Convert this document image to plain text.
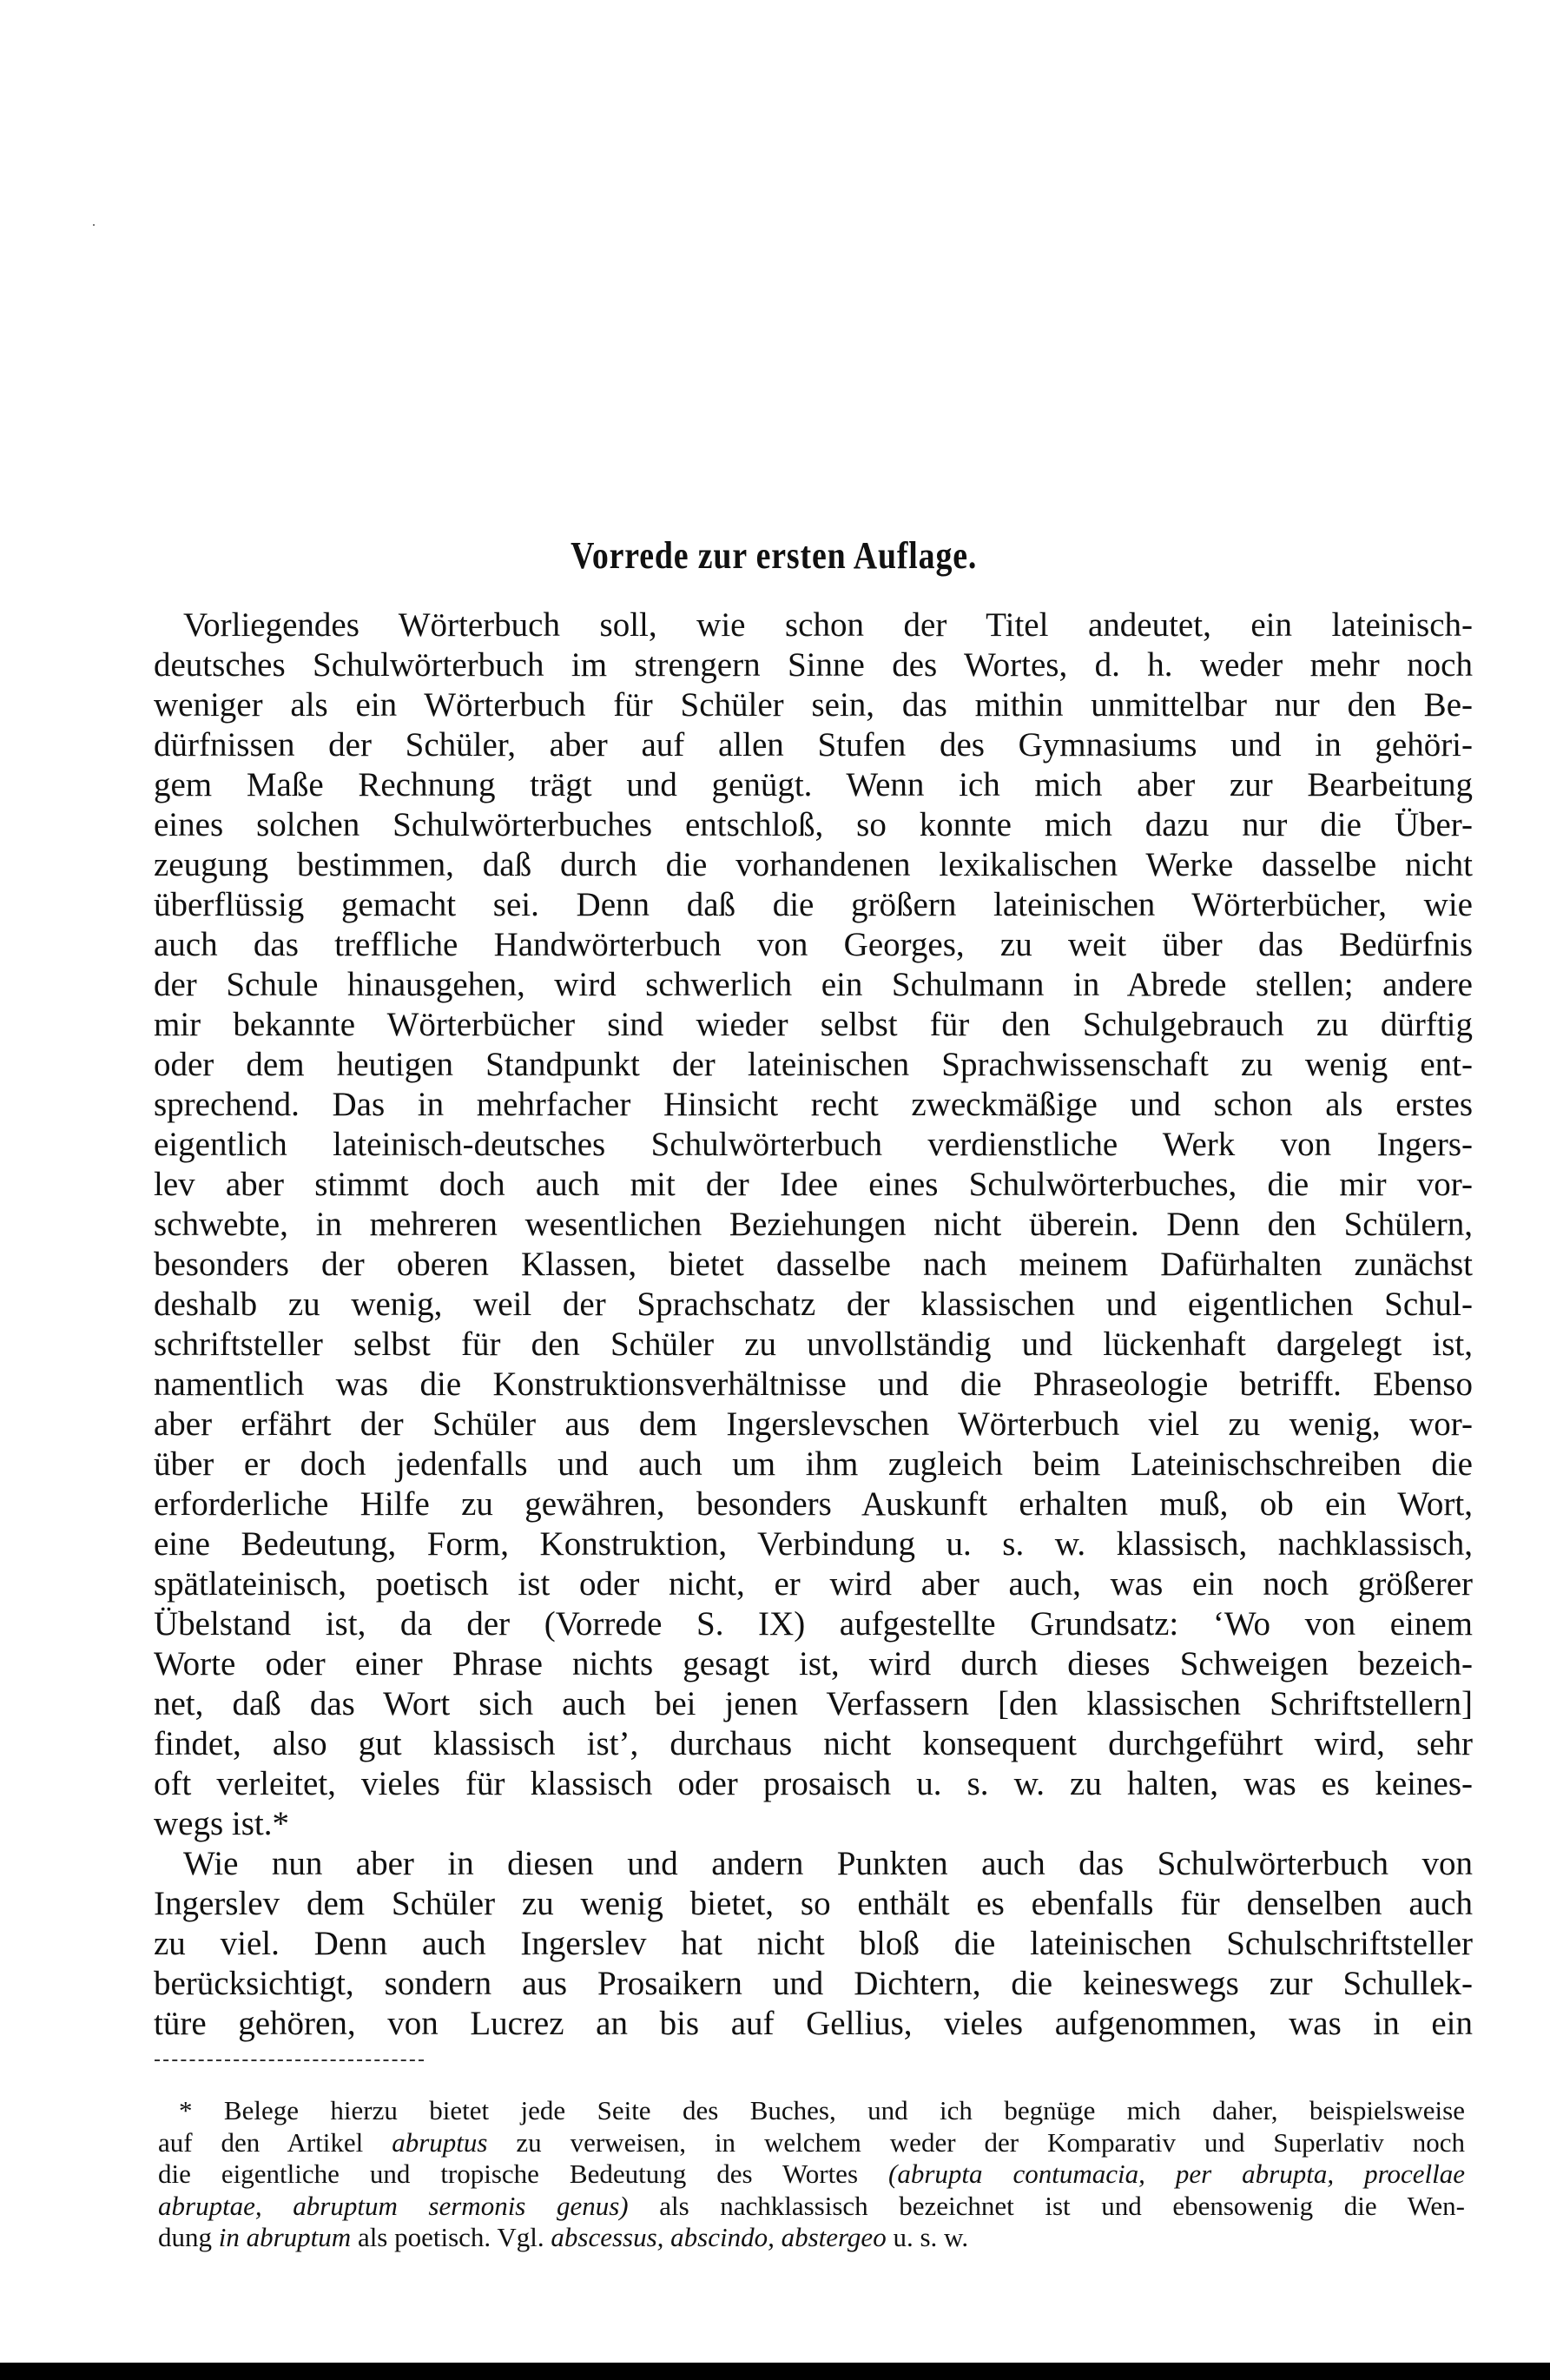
Vorrede zur ersten Auflage.
Vorliegendes Wörterbuch soll, wie schon der Titel andeutet, ein lateinisch-
deutsches Schulwörterbuch im strengern Sinne des Wortes, d. h. weder mehr noch
weniger als ein Wörterbuch für Schüler sein, das mithin unmittelbar nur den Be-
dürfnissen der Schüler, aber auf allen Stufen des Gymnasiums und in gehöri-
gem Maße Rechnung trägt und genügt. Wenn ich mich aber zur Bearbeitung
eines solchen Schulwörterbuches entschloß, so konnte mich dazu nur die Über-
zeugung bestimmen, daß durch die vorhandenen lexikalischen Werke dasselbe nicht
überflüssig gemacht sei. Denn daß die größern lateinischen Wörterbücher, wie
auch das treffliche Handwörterbuch von Georges, zu weit über das Bedürfnis
der Schule hinausgehen, wird schwerlich ein Schulmann in Abrede stellen; andere
mir bekannte Wörterbücher sind wieder selbst für den Schulgebrauch zu dürftig
oder dem heutigen Standpunkt der lateinischen Sprachwissenschaft zu wenig ent-
sprechend. Das in mehrfacher Hinsicht recht zweckmäßige und schon als erstes
eigentlich lateinisch-deutsches Schulwörterbuch verdienstliche Werk von Ingers-
lev aber stimmt doch auch mit der Idee eines Schulwörterbuches, die mir vor-
schwebte, in mehreren wesentlichen Beziehungen nicht überein. Denn den Schülern,
besonders der oberen Klassen, bietet dasselbe nach meinem Dafürhalten zunächst
deshalb zu wenig, weil der Sprachschatz der klassischen und eigentlichen Schul-
schriftsteller selbst für den Schüler zu unvollständig und lückenhaft dargelegt ist,
namentlich was die Konstruktionsverhältnisse und die Phraseologie betrifft. Ebenso
aber erfährt der Schüler aus dem Ingerslevschen Wörterbuch viel zu wenig, wor-
über er doch jedenfalls und auch um ihm zugleich beim Lateinischschreiben die
erforderliche Hilfe zu gewähren, besonders Auskunft erhalten muß, ob ein Wort,
eine Bedeutung, Form, Konstruktion, Verbindung u. s. w. klassisch, nachklassisch,
spätlateinisch, poetisch ist oder nicht, er wird aber auch, was ein noch größerer
Übelstand ist, da der (Vorrede S. IX) aufgestellte Grundsatz: ‘Wo von einem
Worte oder einer Phrase nichts gesagt ist, wird durch dieses Schweigen bezeich-
net, daß das Wort sich auch bei jenen Verfassern [den klassischen Schriftstellern]
findet, also gut klassisch ist’, durchaus nicht konsequent durchgeführt wird, sehr
oft verleitet, vieles für klassisch oder prosaisch u. s. w. zu halten, was es keines-
wegs ist.*
Wie nun aber in diesen und andern Punkten auch das Schulwörterbuch von
Ingerslev dem Schüler zu wenig bietet, so enthält es ebenfalls für denselben auch
zu viel. Denn auch Ingerslev hat nicht bloß die lateinischen Schulschriftsteller
berücksichtigt, sondern aus Prosaikern und Dichtern, die keineswegs zur Schullek-
türe gehören, von Lucrez an bis auf Gellius, vieles aufgenommen, was in ein
* Belege hierzu bietet jede Seite des Buches, und ich begnüge mich daher, beispielsweise
auf den Artikel abruptus zu verweisen, in welchem weder der Komparativ und Superlativ noch
die eigentliche und tropische Bedeutung des Wortes (abrupta contumacia, per abrupta, procellae
abruptae, abruptum sermonis genus) als nachklassisch bezeichnet ist und ebensowenig die Wen-
dung in abruptum als poetisch. Vgl. abscessus, abscindo, abstergeo u. s. w.
